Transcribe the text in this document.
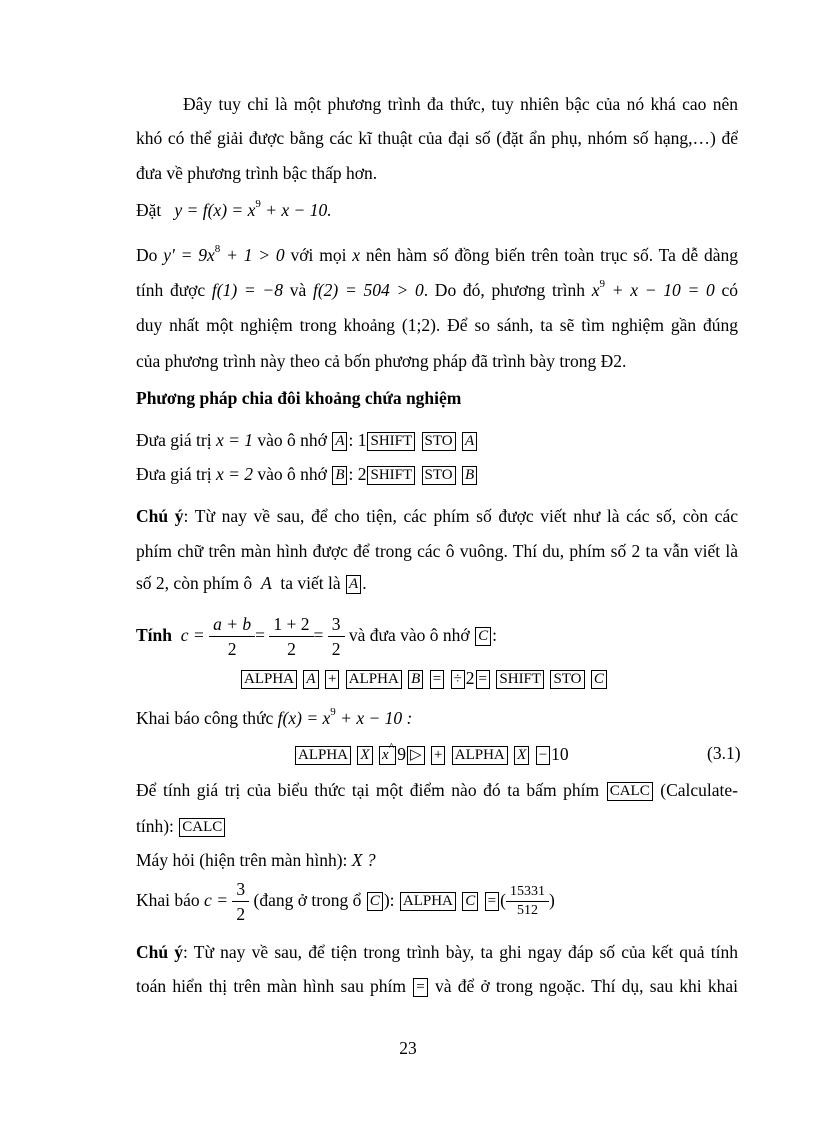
Đây tuy chỉ là một phương trình đa thức, tuy nhiên bậc của nó khá cao nên
khó có thể giải được bằng các kĩ thuật của đại số (đặt ẩn phụ, nhóm số hạng,…) để
đưa về phương trình bậc thấp hơn.
Đặt $y = f(x) = x^9 + x - 10$.
Do $y' = 9x^8 + 1 > 0$ với mọi x nên hàm số đồng biến trên toàn trục số. Ta dễ dàng
tính được f(1) = −8 và f(2) = 504 > 0. Do đó, phương trình $x^9 + x - 10 = 0$ có
duy nhất một nghiệm trong khoảng (1;2). Để so sánh, ta sẽ tìm nghiệm gần đúng
của phương trình này theo cả bốn phương pháp đã trình bày trong Đ2.
Phương pháp chia đôi khoảng chứa nghiệm
Đưa giá trị x = 1 vào ô nhớ A : 1 SHIFT STO A
Đưa giá trị x = 2 vào ô nhớ B : 2 SHIFT STO B
Chú ý: Từ nay về sau, để cho tiện, các phím số được viết như là các số, còn các
phím chữ trên màn hình được để trong các ô vuông. Thí du, phím số 2 ta vẫn viết là
số 2, còn phím ô A ta viết là A .
Tính $c = \frac{a + b}{2} = \frac{1 + 2}{2} = \frac{3}{2}$ và đưa vào ô nhớ C :
ALPHA A + ALPHA B = ÷ 2 = SHIFT STO C
Khai báo công thức $f(x) = x^9 + x - 10$ :
ALPHA X x^ 9 ▷ + ALPHA X − 10	(3.1)
Để tính giá trị của biểu thức tại một điểm nào đó ta bấm phím CALC (Calculate-
tính): CALC
Máy hỏi (hiện trên màn hình): X ?
Khai báo $c = \frac{3}{2}$ (đang ở trong ổ C ): ALPHA C = ( $\frac{15331}{512}$ )
Chú ý: Từ nay về sau, để tiện trong trình bày, ta ghi ngay đáp số của kết quả tính
toán hiển thị trên màn hình sau phím = và để ở trong ngoặc. Thí dụ, sau khi khai
23
